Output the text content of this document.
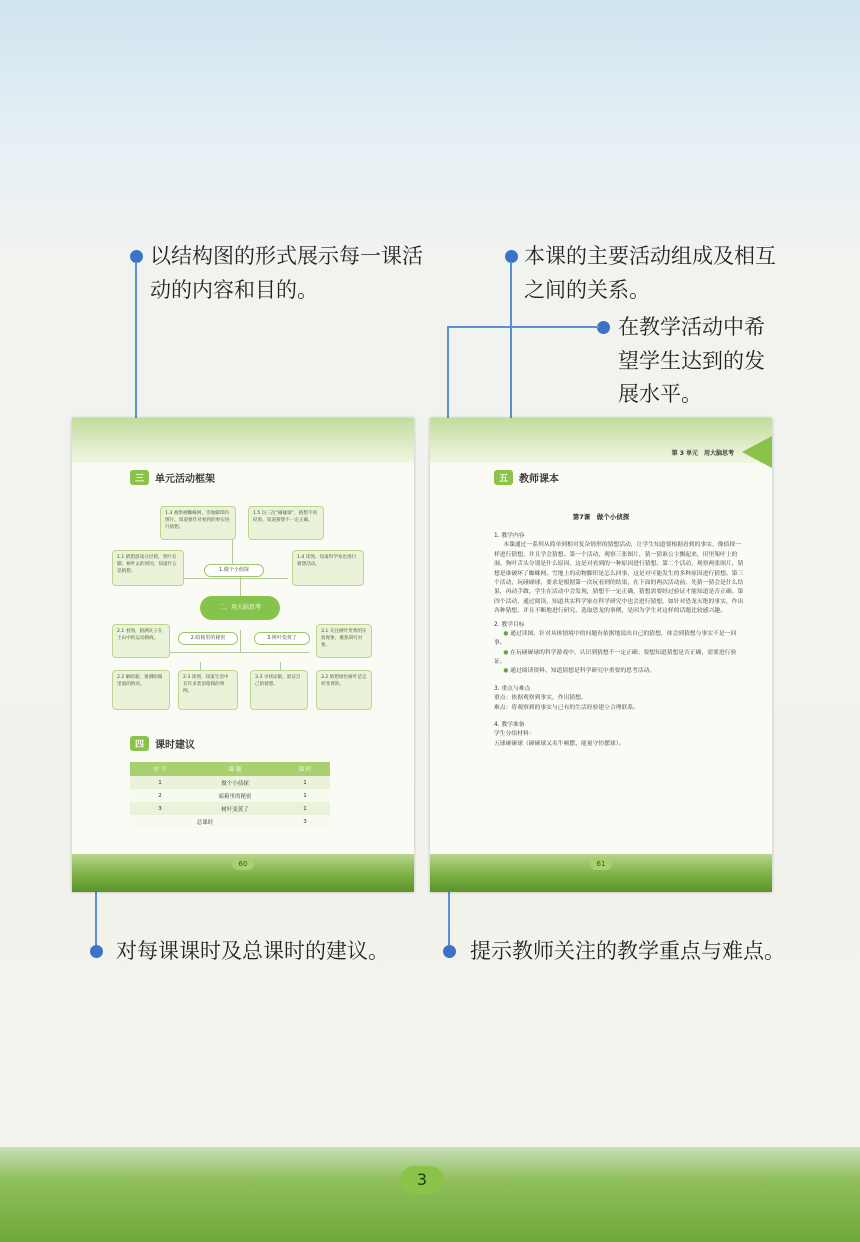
以结构图的形式展示每一课活
动的内容和目的。
本课的主要活动组成及相互
之间的关系。
在教学活动中希
望学生达到的发
展水平。
对每课课时及总课时的建议。	提示教师关注的教学重点与难点。
三	单元活动框架
1.3 观察被蜘蛛网、雪地脚印的图片，知道要针对看到的事实进行猜想。
1.5 玩三次“碰碰球”，猜想不同结果，知道猜想不一定正确。
1.1 猜想游戏分层猜，变叶有脚，树叶去的原因，知道什么是猜想。	1.做个小侦探
1.4 读图，知道科学家也进行猜想活动。
二、用大脑思考
2.1 看图，猜测瓦子在土山中的运动路线。	2.暗箱里的秘密	3.树叶变黄了
3.1 关注树叶变黄的实验现象，聚焦研究对象。
2.2 解暗箱，猜测暗箱里面的情况。
2.3 读图，知道生活中有许多类似暗箱的事例。
3.3 寻找证据，验证自己的猜想。
3.2 猜想绿色树叶是怎样变黄的。
四	课时建议
序 号	课 题	课 时
1	做个小侦探	1
2	暗箱里的秘密	1
3	树叶变黄了	1
总课时		3
60
第 3 单元　用大脑思考
五	教师课本
第7课　做个小侦探

1. 教学内容

本课通过一系列从简单到相对复杂情形的猜想活动，让学生知道要根据看到的事实，像侦探一样进行猜想，并且学会猜想。第一个活动，观察三张图片，猜一猜谁公主飘起来，田里架叶上的洞、狗叶舌头分别是什么原因，这是对看到的一种原因进行猜想。第二个活动，观察两张图片，猜想是谁破坏了蜘蛛网、雪地上的动物脚印是怎么回事，这是对可能发生的多种原因进行猜想。第三个活动，玩碰碰球，要求是根据第一次玩看到的结果，在下面的两次活动前，先猜一猜会是什么结果，再动手做。学生在活动中会发现，猜想不一定正确，猜想需要经过验证才能知道是否正确。第四个活动，通过阅读，知道其实科学家在科学研究中也会进行猜想，如针对恐龙灭绝的事实，作出各种猜想，并且不断地进行研究、选取恐龙的事例，是因为学生对这样的话题比较感兴趣。

2. 教学目标

● 通过读图，针对具体情境中的问题有依据地说出自己的猜想，体会到猜想与事实不是一回事。

● 在玩碰碰球的科学游戏中，认识到猜想不一定正确；要想知道猜想是否正确，需要进行验证。

● 通过阅读资料，知道猜想是科学研究中重要的思考活动。

3. 重点与难点

重点：依据观察到事实，作出猜想。

难点：将观察到的事实与已有的生活经验建立合理联系。

4. 教学准备

学生分组材料：

五球碰碰球（碰碰球又名牛顿摆、能量守恒摆球）。

61
3
